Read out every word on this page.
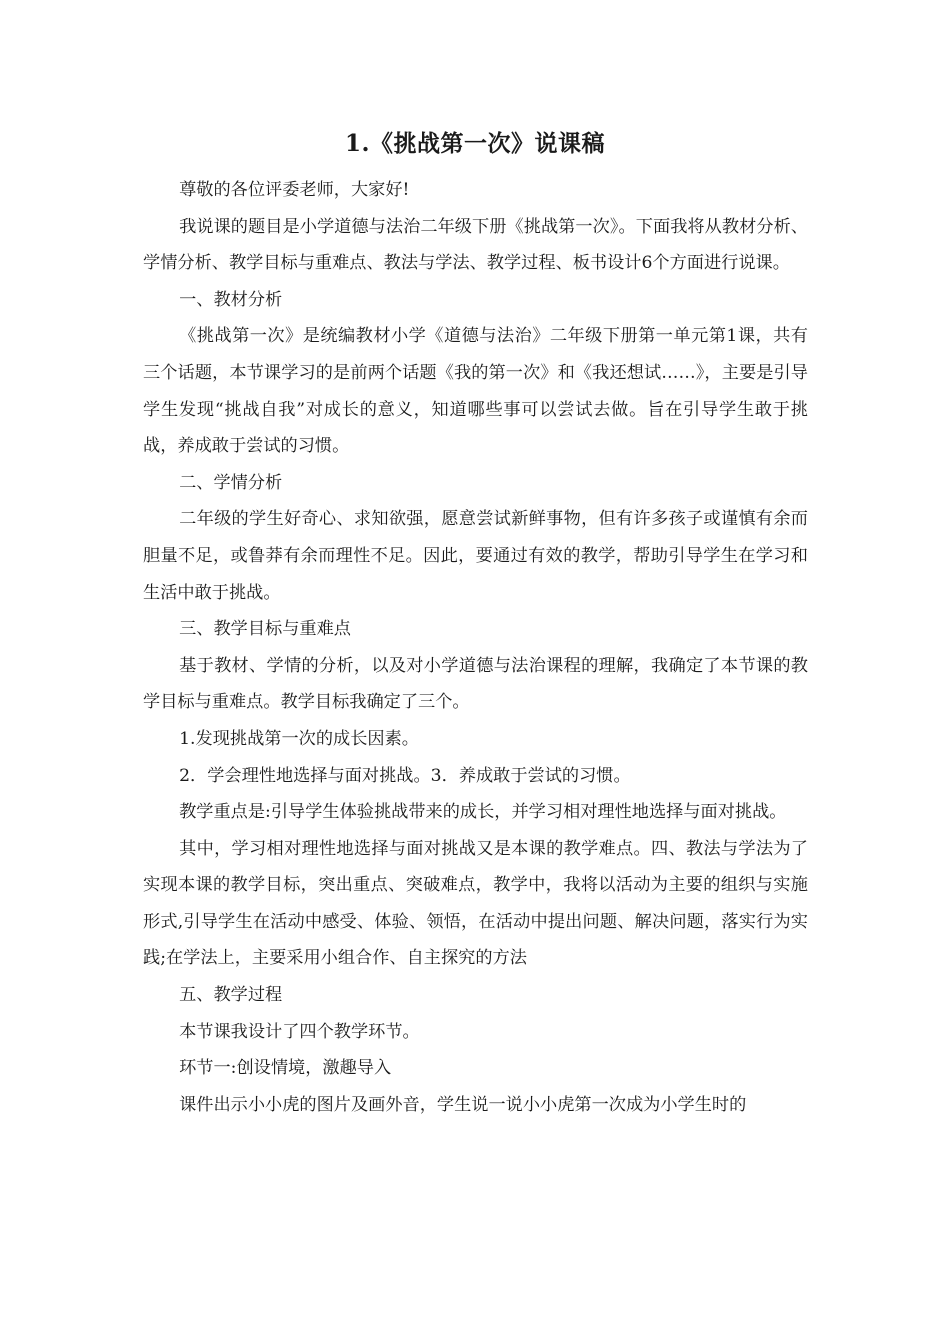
1.《挑战第一次》说课稿

尊敬的各位评委老师，大家好!

我说课的题目是小学道德与法治二年级下册《挑战第一次》。下面我将从教材分析、学情分析、教学目标与重难点、教法与学法、教学过程、板书设计6个方面进行说课。

一、教材分析

《挑战第一次》是统编教材小学《道德与法治》二年级下册第一单元第1课，共有三个话题，本节课学习的是前两个话题《我的第一次》和《我还想试……》，主要是引导学生发现“挑战自我”对成长的意义，知道哪些事可以尝试去做。旨在引导学生敢于挑战，养成敢于尝试的习惯。

二、学情分析

二年级的学生好奇心、求知欲强，愿意尝试新鲜事物，但有许多孩子或谨慎有余而胆量不足，或鲁莽有余而理性不足。因此，要通过有效的教学，帮助引导学生在学习和生活中敢于挑战。

三、教学目标与重难点

基于教材、学情的分析，以及对小学道德与法治课程的理解，我确定了本节课的教学目标与重难点。教学目标我确定了三个。

1.发现挑战第一次的成长因素。

2．学会理性地选择与面对挑战。3．养成敢于尝试的习惯。

教学重点是:引导学生体验挑战带来的成长，并学习相对理性地选择与面对挑战。

其中，学习相对理性地选择与面对挑战又是本课的教学难点。四、教法与学法为了实现本课的教学目标，突出重点、突破难点，教学中，我将以活动为主要的组织与实施形式,引导学生在活动中感受、体验、领悟，在活动中提出问题、解决问题，落实行为实践;在学法上，主要采用小组合作、自主探究的方法

五、教学过程

本节课我设计了四个教学环节。

环节一:创设情境，激趣导入

课件出示小小虎的图片及画外音，学生说一说小小虎第一次成为小学生时的
